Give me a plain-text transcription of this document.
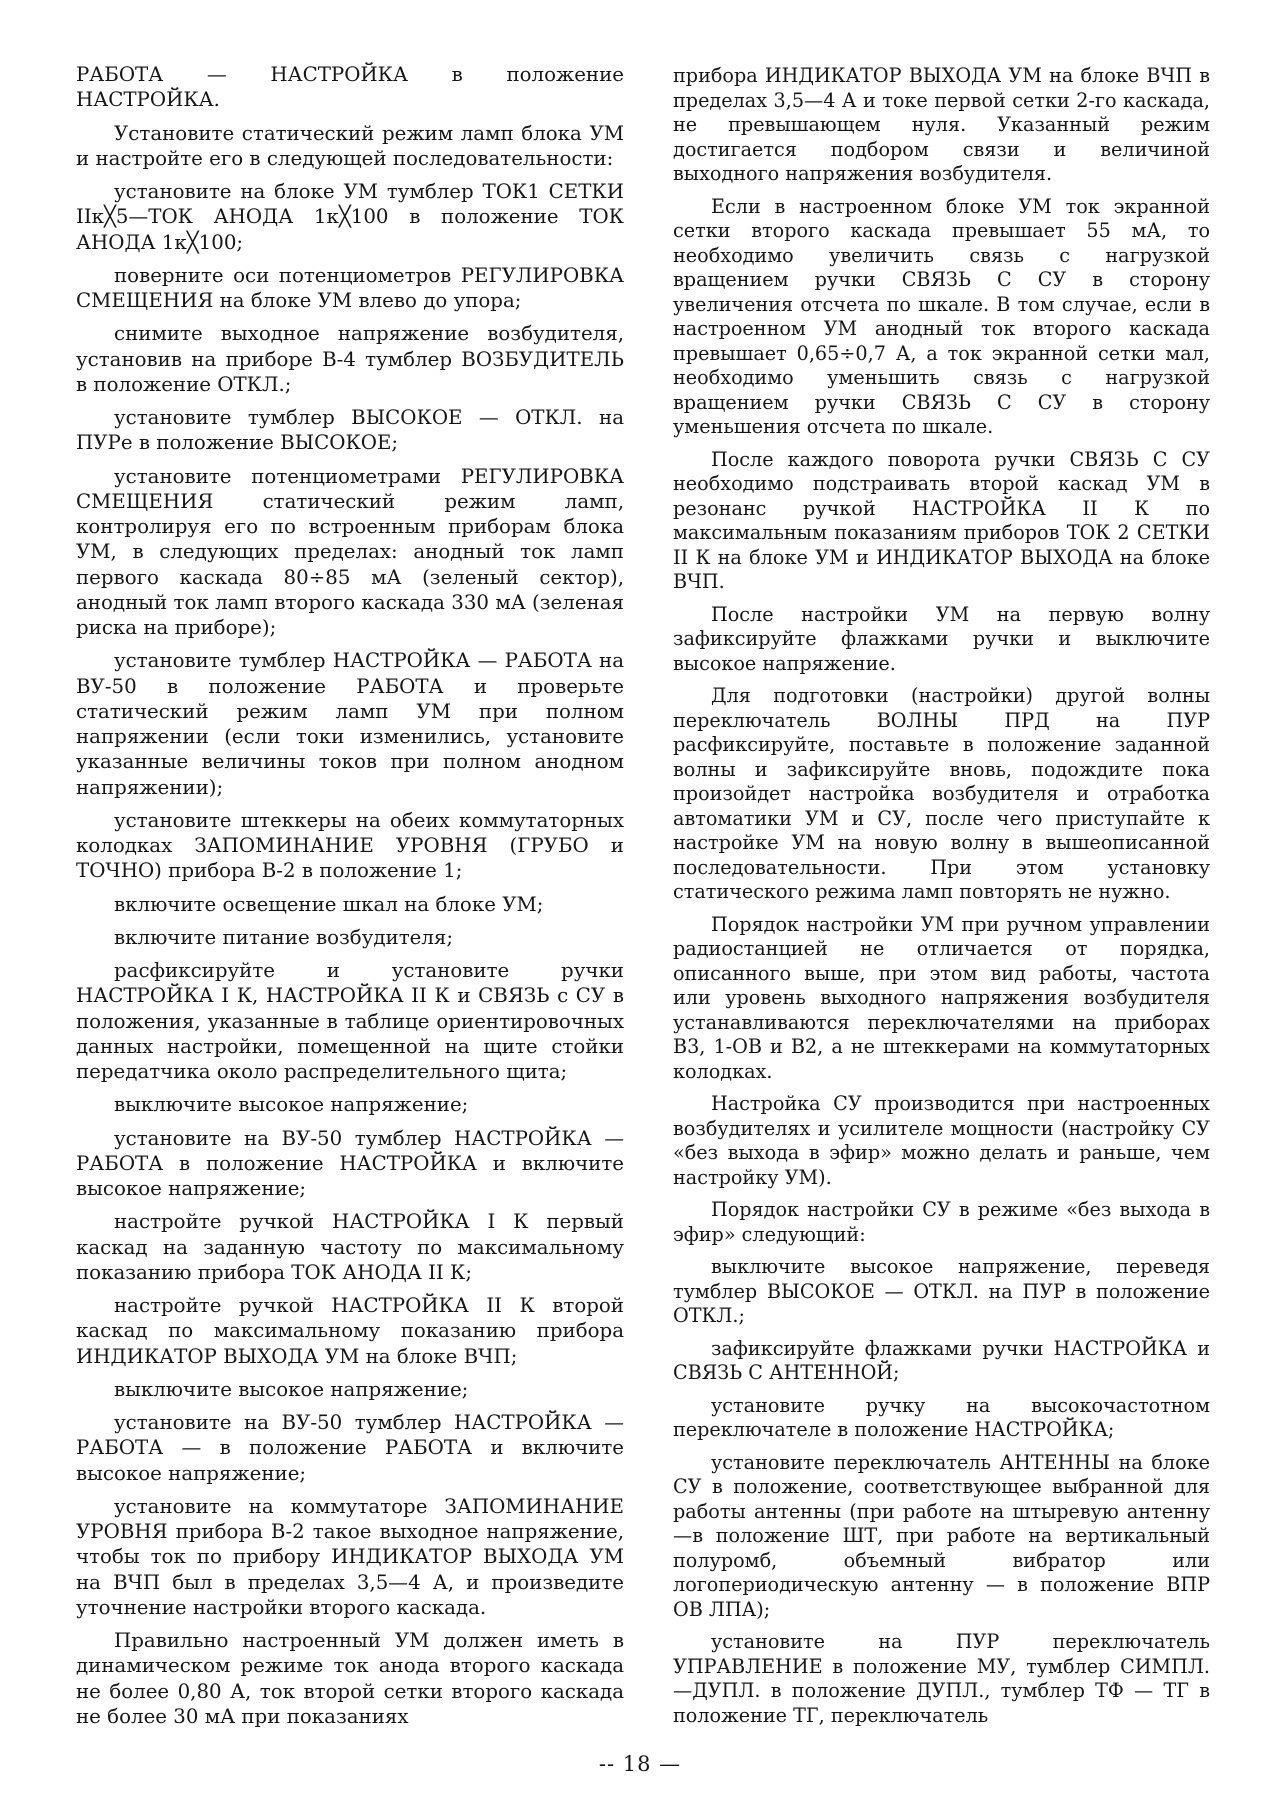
РАБОТА — НАСТРОЙКА в положение НАСТРОЙКА.

Установите статический режим ламп блока УМ и настройте его в следующей последовательности:

установите на блоке УМ тумблер ТОК1 СЕТКИ IIк╳5—ТОК АНОДА 1к╳100 в положение ТОК АНОДА 1к╳100;

поверните оси потенциометров РЕГУЛИРОВКА СМЕЩЕНИЯ на блоке УМ влево до упора;

снимите выходное напряжение возбудителя, установив на приборе В-4 тумблер ВОЗБУДИТЕЛЬ в положение ОТКЛ.;

установите тумблер ВЫСОКОЕ — ОТКЛ. на ПУРе в положение ВЫСОКОЕ;

установите потенциометрами РЕГУЛИРОВКА СМЕЩЕНИЯ статический режим ламп, контролируя его по встроенным приборам блока УМ, в следующих пределах: анодный ток ламп первого каскада 80÷85 мА (зеленый сектор), анодный ток ламп второго каскада 330 мА (зеленая риска на приборе);

установите тумблер НАСТРОЙКА — РАБОТА на ВУ-50 в положение РАБОТА и проверьте статический режим ламп УМ при полном напряжении (если токи изменились, установите указанные величины токов при полном анодном напряжении);

установите штеккеры на обеих коммутаторных колодках ЗАПОМИНАНИЕ УРОВНЯ (ГРУБО и ТОЧНО) прибора В-2 в положение 1;

включите освещение шкал на блоке УМ;

включите питание возбудителя;

расфиксируйте и установите ручки НАСТРОЙКА I К, НАСТРОЙКА II К и СВЯЗЬ с СУ в положения, указанные в таблице ориентировочных данных настройки, помещенной на щите стойки передатчика около распределительного щита;

выключите высокое напряжение;

установите на ВУ-50 тумблер НАСТРОЙКА — РАБОТА в положение НАСТРОЙКА и включите высокое напряжение;

настройте ручкой НАСТРОЙКА I К первый каскад на заданную частоту по максимальному показанию прибора ТОК АНОДА II К;

настройте ручкой НАСТРОЙКА II К второй каскад по максимальному показанию прибора ИНДИКАТОР ВЫХОДА УМ на блоке ВЧП;

выключите высокое напряжение;

установите на ВУ-50 тумблер НАСТРОЙКА — РАБОТА — в положение РАБОТА и включите высокое напряжение;

установите на коммутаторе ЗАПОМИНАНИЕ УРОВНЯ прибора В-2 такое выходное напряжение, чтобы ток по прибору ИНДИКАТОР ВЫХОДА УМ на ВЧП был в пределах 3,5—4 А, и произведите уточнение настройки второго каскада.

Правильно настроенный УМ должен иметь в динамическом режиме ток анода второго каскада не более 0,80 А, ток второй сетки второго каскада не более 30 мА при показаниях

прибора ИНДИКАТОР ВЫХОДА УМ на блоке ВЧП в пределах 3,5—4 А и токе первой сетки 2-го каскада, не превышающем нуля. Указанный режим достигается подбором связи и величиной выходного напряжения возбудителя.

Если в настроенном блоке УМ ток экранной сетки второго каскада превышает 55 мА, то необходимо увеличить связь с нагрузкой вращением ручки СВЯЗЬ С СУ в сторону увеличения отсчета по шкале. В том случае, если в настроенном УМ анодный ток второго каскада превышает 0,65÷0,7 А, а ток экранной сетки мал, необходимо уменьшить связь с нагрузкой вращением ручки СВЯЗЬ С СУ в сторону уменьшения отсчета по шкале.

После каждого поворота ручки СВЯЗЬ С СУ необходимо подстраивать второй каскад УМ в резонанс ручкой НАСТРОЙКА II К по максимальным показаниям приборов ТОК 2 СЕТКИ II К на блоке УМ и ИНДИКАТОР ВЫХОДА на блоке ВЧП.

После настройки УМ на первую волну зафиксируйте флажками ручки и выключите высокое напряжение.

Для подготовки (настройки) другой волны переключатель ВОЛНЫ ПРД на ПУР расфиксируйте, поставьте в положение заданной волны и зафиксируйте вновь, подождите пока произойдет настройка возбудителя и отработка автоматики УМ и СУ, после чего приступайте к настройке УМ на новую волну в вышеописанной последовательности. При этом установку статического режима ламп повторять не нужно.

Порядок настройки УМ при ручном управлении радиостанцией не отличается от порядка, описанного выше, при этом вид работы, частота или уровень выходного напряжения возбудителя устанавливаются переключателями на приборах В3, 1-ОВ и В2, а не штеккерами на коммутаторных колодках.

Настройка СУ производится при настроенных возбудителях и усилителе мощности (настройку СУ «без выхода в эфир» можно делать и раньше, чем настройку УМ).

Порядок настройки СУ в режиме «без выхода в эфир» следующий:

выключите высокое напряжение, переведя тумблер ВЫСОКОЕ — ОТКЛ. на ПУР в положение ОТКЛ.;

зафиксируйте флажками ручки НАСТРОЙКА и СВЯЗЬ С АНТЕННОЙ;

установите ручку на высокочастотном переключателе в положение НАСТРОЙКА;

установите переключатель АНТЕННЫ на блоке СУ в положение, соответствующее выбранной для работы антенны (при работе на штыревую антенну—в положение ШТ, при работе на вертикальный полуромб, объемный вибратор или логопериодическую антенну — в положение ВПР ОВ ЛПА);

установите на ПУР переключатель УПРАВЛЕНИЕ в положение МУ, тумблер СИМПЛ.—ДУПЛ. в положение ДУПЛ., тумблер ТФ — ТГ в положение ТГ, переключатель

-- 18 —
